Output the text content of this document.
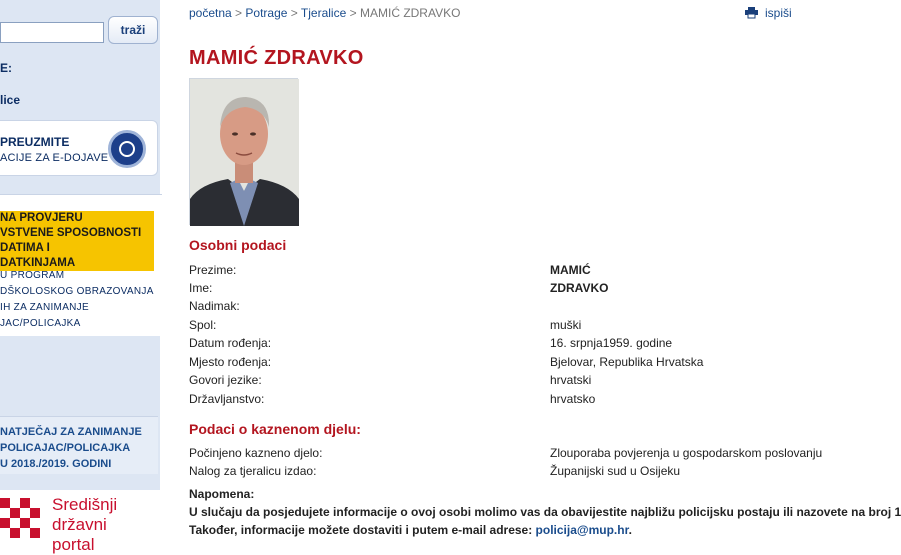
traži
E:
lice
PREUZMITE
ACIJE ZA E-DOJAVE
NA PROVJERU
VSTVENE SPOSOBNOSTI
DATIMA I
DATKINJAMA
U PROGRAM
DŠKOLOSKOG OBRAZOVANJA
IH ZA ZANIMANJE
JAC/POLICAJKA
NATJEČAJ ZA ZANIMANJE
POLICAJAC/POLICAJKA
U 2018./2019. GODINI
Središnji
državni
portal
početna > Potrage > Tjeralice > MAMIĆ ZDRAVKO	ispiši
MAMIĆ ZDRAVKO
Osobni podaci
Prezime:	MAMIĆ
Ime:	ZDRAVKO
Nadimak:
Spol:	muški
Datum rođenja:	16. srpnja1959. godine
Mjesto rođenja:	Bjelovar, Republika Hrvatska
Govori jezike:	hrvatski
Državljanstvo:	hrvatsko
Podaci o kaznenom djelu:
Počinjeno kazneno djelo:	Zlouporaba povjerenja u gospodarskom poslovanju
Nalog za tjeralicu izdao:	Županijski sud u Osijeku
Napomena:
U slučaju da posjedujete informacije o ovoj osobi molimo vas da obavijestite najbližu policijsku postaju ili nazovete na broj 1
Također, informacije možete dostaviti i putem e-mail adrese: policija@mup.hr.
